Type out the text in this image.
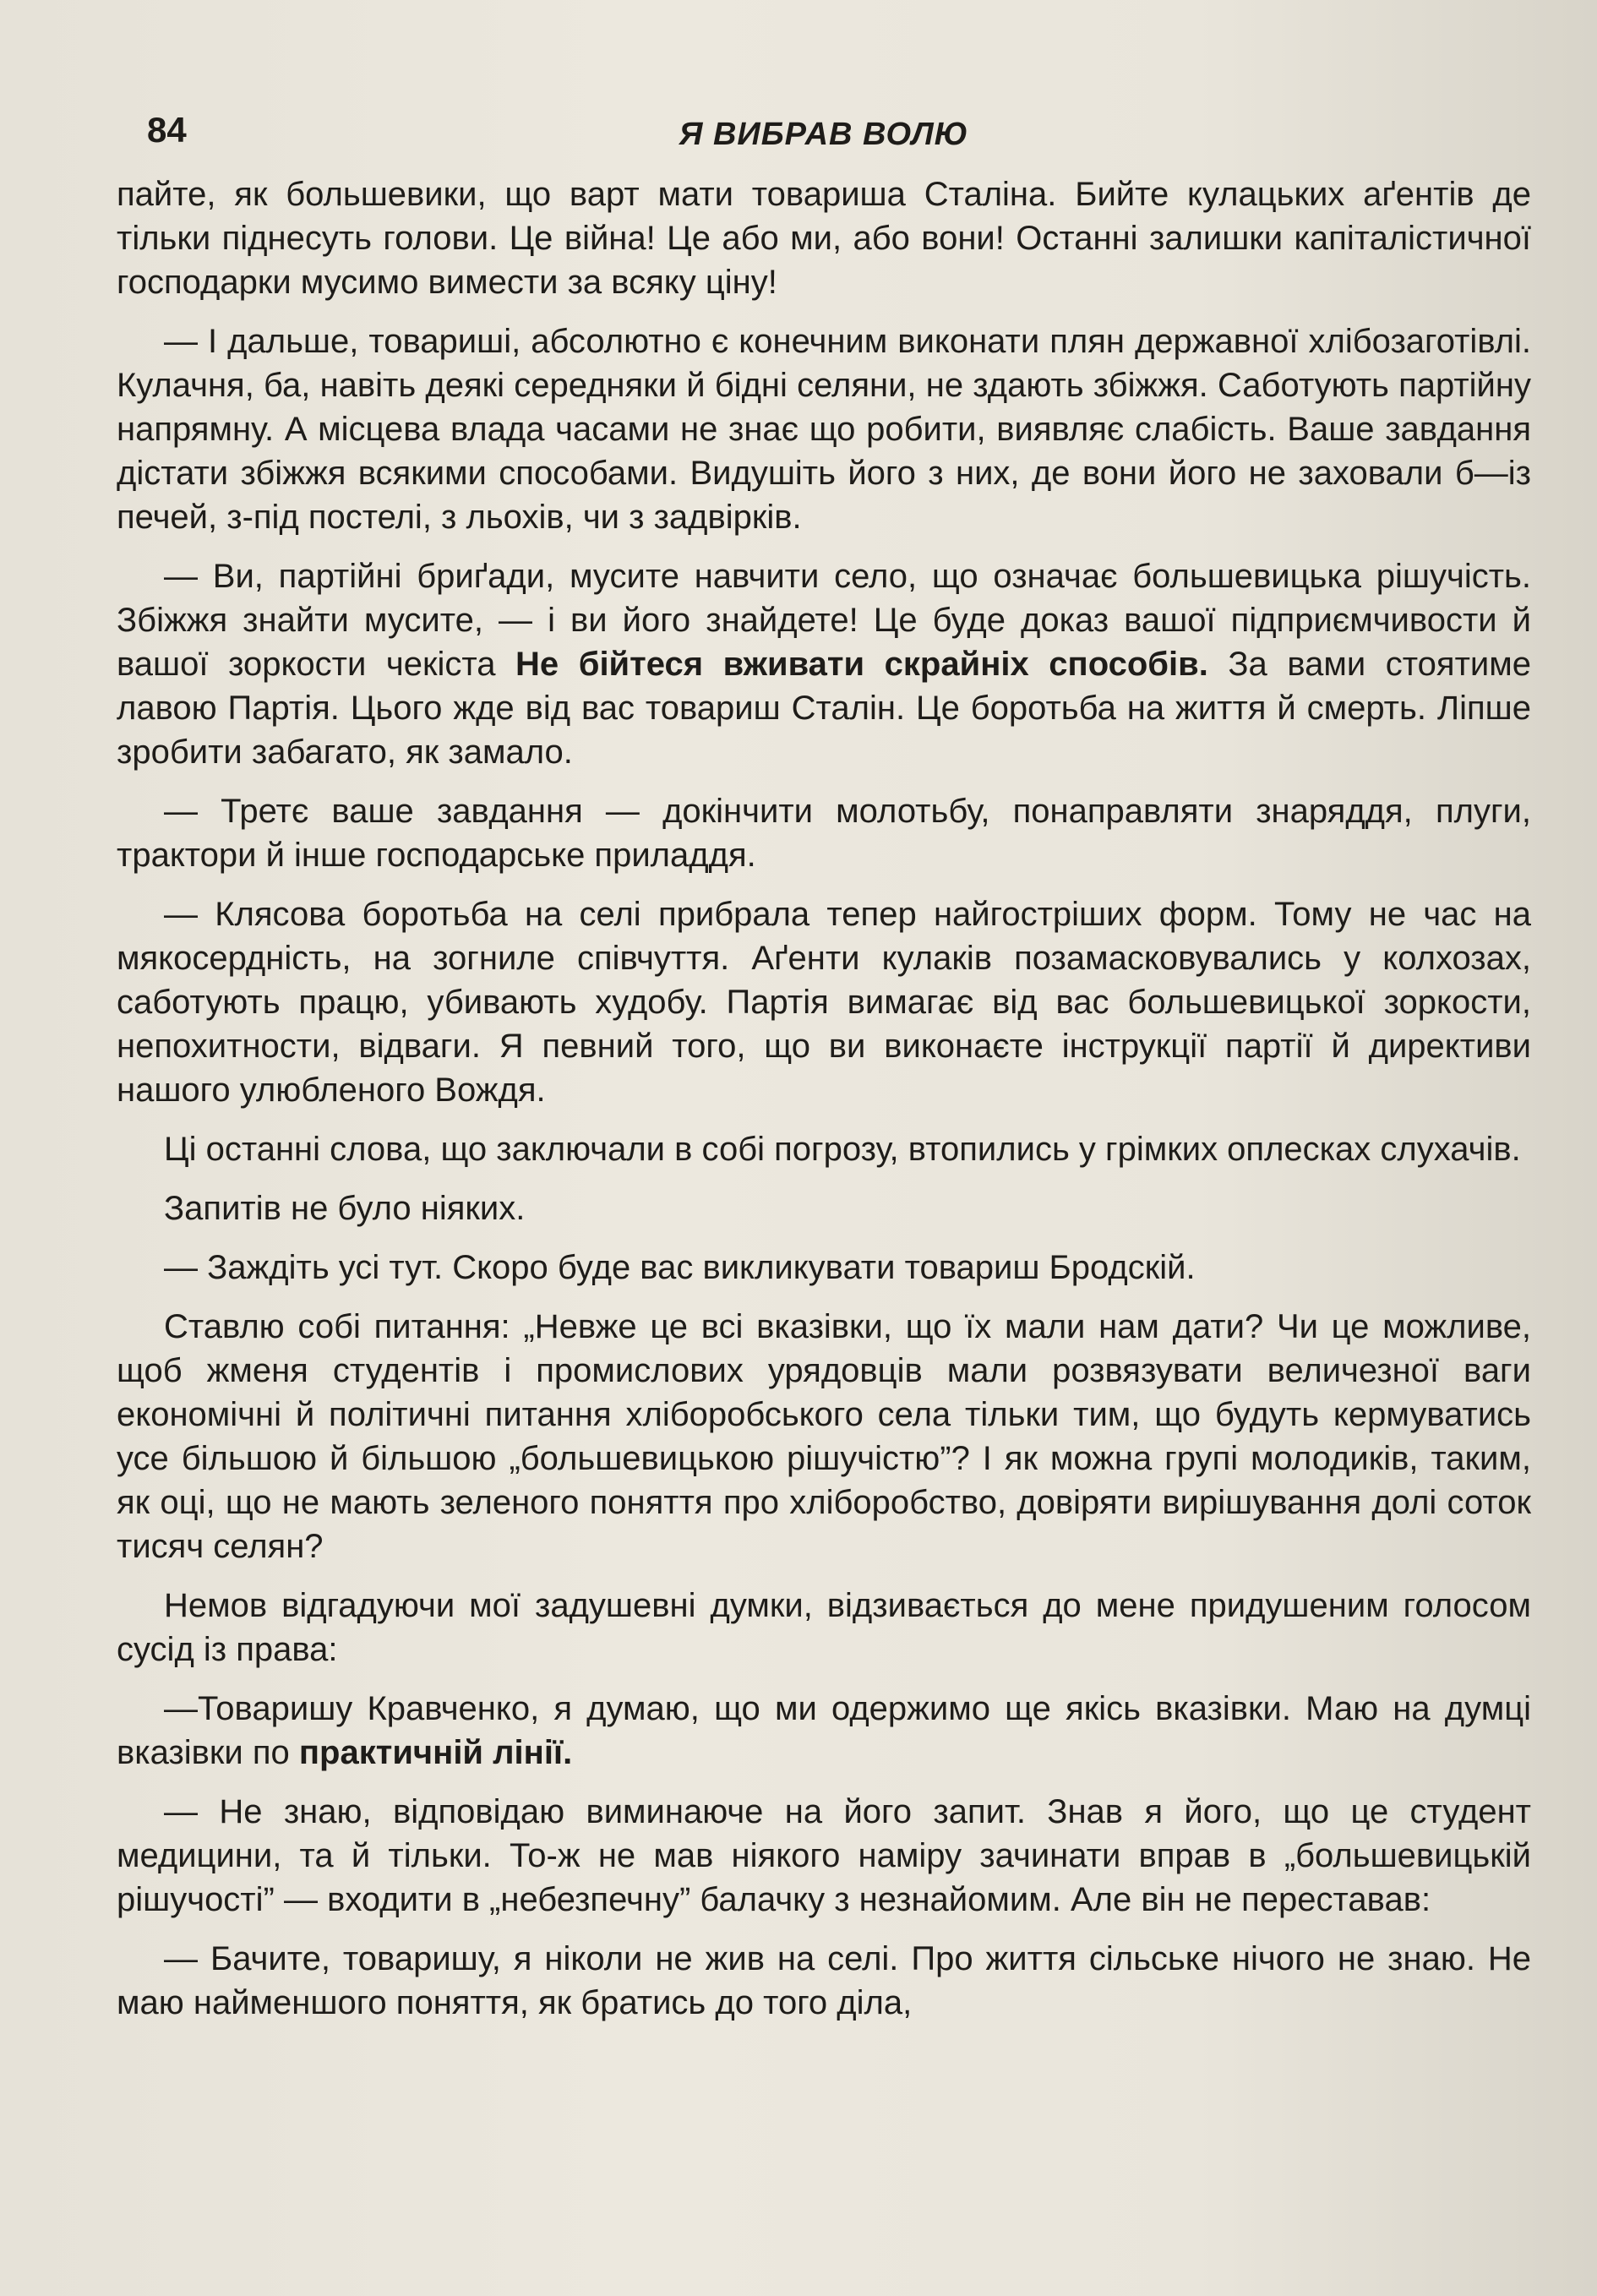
84	Я ВИБРАВ ВОЛЮ

пайте, як большевики, що варт мати товариша Сталіна. Бийте кулацьких аґентів де тільки піднесуть голови. Це війна! Це або ми, або вони! Останні залишки капіталістичної господарки мусимо вимести за всяку ціну!

— І дальше, товариші, абсолютно є конечним виконати плян державної хлібозаготівлі. Кулачня, ба, навіть деякі середняки й бідні селяни, не здають збіжжя. Саботують партійну напрямну. А місцева влада часами не знає що робити, виявляє слабість. Ваше завдання дістати збіжжя всякими способами. Видушіть його з них, де вони його не заховали б—із печей, з-під постелі, з льохів, чи з задвірків.

— Ви, партійні бриґади, мусите навчити село, що означає большевицька рішучість. Збіжжя знайти мусите, — і ви його знайдете! Це буде доказ вашої підприємчивости й вашої зоркости чекіста Не бійтеся вживати скрайніх способів. За вами стоятиме лавою Партія. Цього жде від вас товариш Сталін. Це боротьба на життя й смерть. Ліпше зробити забагато, як замало.

— Третє ваше завдання — докінчити молотьбу, понаправляти знаряддя, плуги, трактори й інше господарське приладдя.

— Клясова боротьба на селі прибрала тепер найгостріших форм. Тому не час на мякосердність, на зогниле співчуття. Аґенти кулаків позамасковувались у колхозах, саботують працю, убивають худобу. Партія вимагає від вас большевицької зоркости, непохитности, відваги. Я певний того, що ви виконаєте інструкції партії й директиви нашого улюбленого Вождя.

Ці останні слова, що заключали в собі погрозу, втопились у грімких оплесках слухачів.

Запитів не було ніяких.

— Заждіть усі тут. Скоро буде вас викликувати товариш Бродскій.

Ставлю собі питання: „Невже це всі вказівки, що їх мали нам дати? Чи це можливе, щоб жменя студентів і промислових урядовців мали розвязувати величезної ваги економічні й політичні питання хліборобського села тільки тим, що будуть кермуватись усе більшою й більшою „большевицькою рішучістю”? І як можна групі молодиків, таким, як оці, що не мають зеленого поняття про хліборобство, довіряти вирішування долі соток тисяч селян?

Немов відгадуючи мої задушевні думки, відзивається до мене придушеним голосом сусід із права:

—Товаришу Кравченко, я думаю, що ми одержимо ще якісь вказівки. Маю на думці вказівки по практичній лінії.

— Не знаю, відповідаю виминаюче на його запит. Знав я його, що це студент медицини, та й тільки. То-ж не мав ніякого наміру зачинати вправ в „большевицькій рішучості” — входити в „небезпечну” балачку з незнайомим. Але він не переставав:

— Бачите, товаришу, я ніколи не жив на селі. Про життя сільське нічого не знаю. Не маю найменшого поняття, як братись до того діла,
